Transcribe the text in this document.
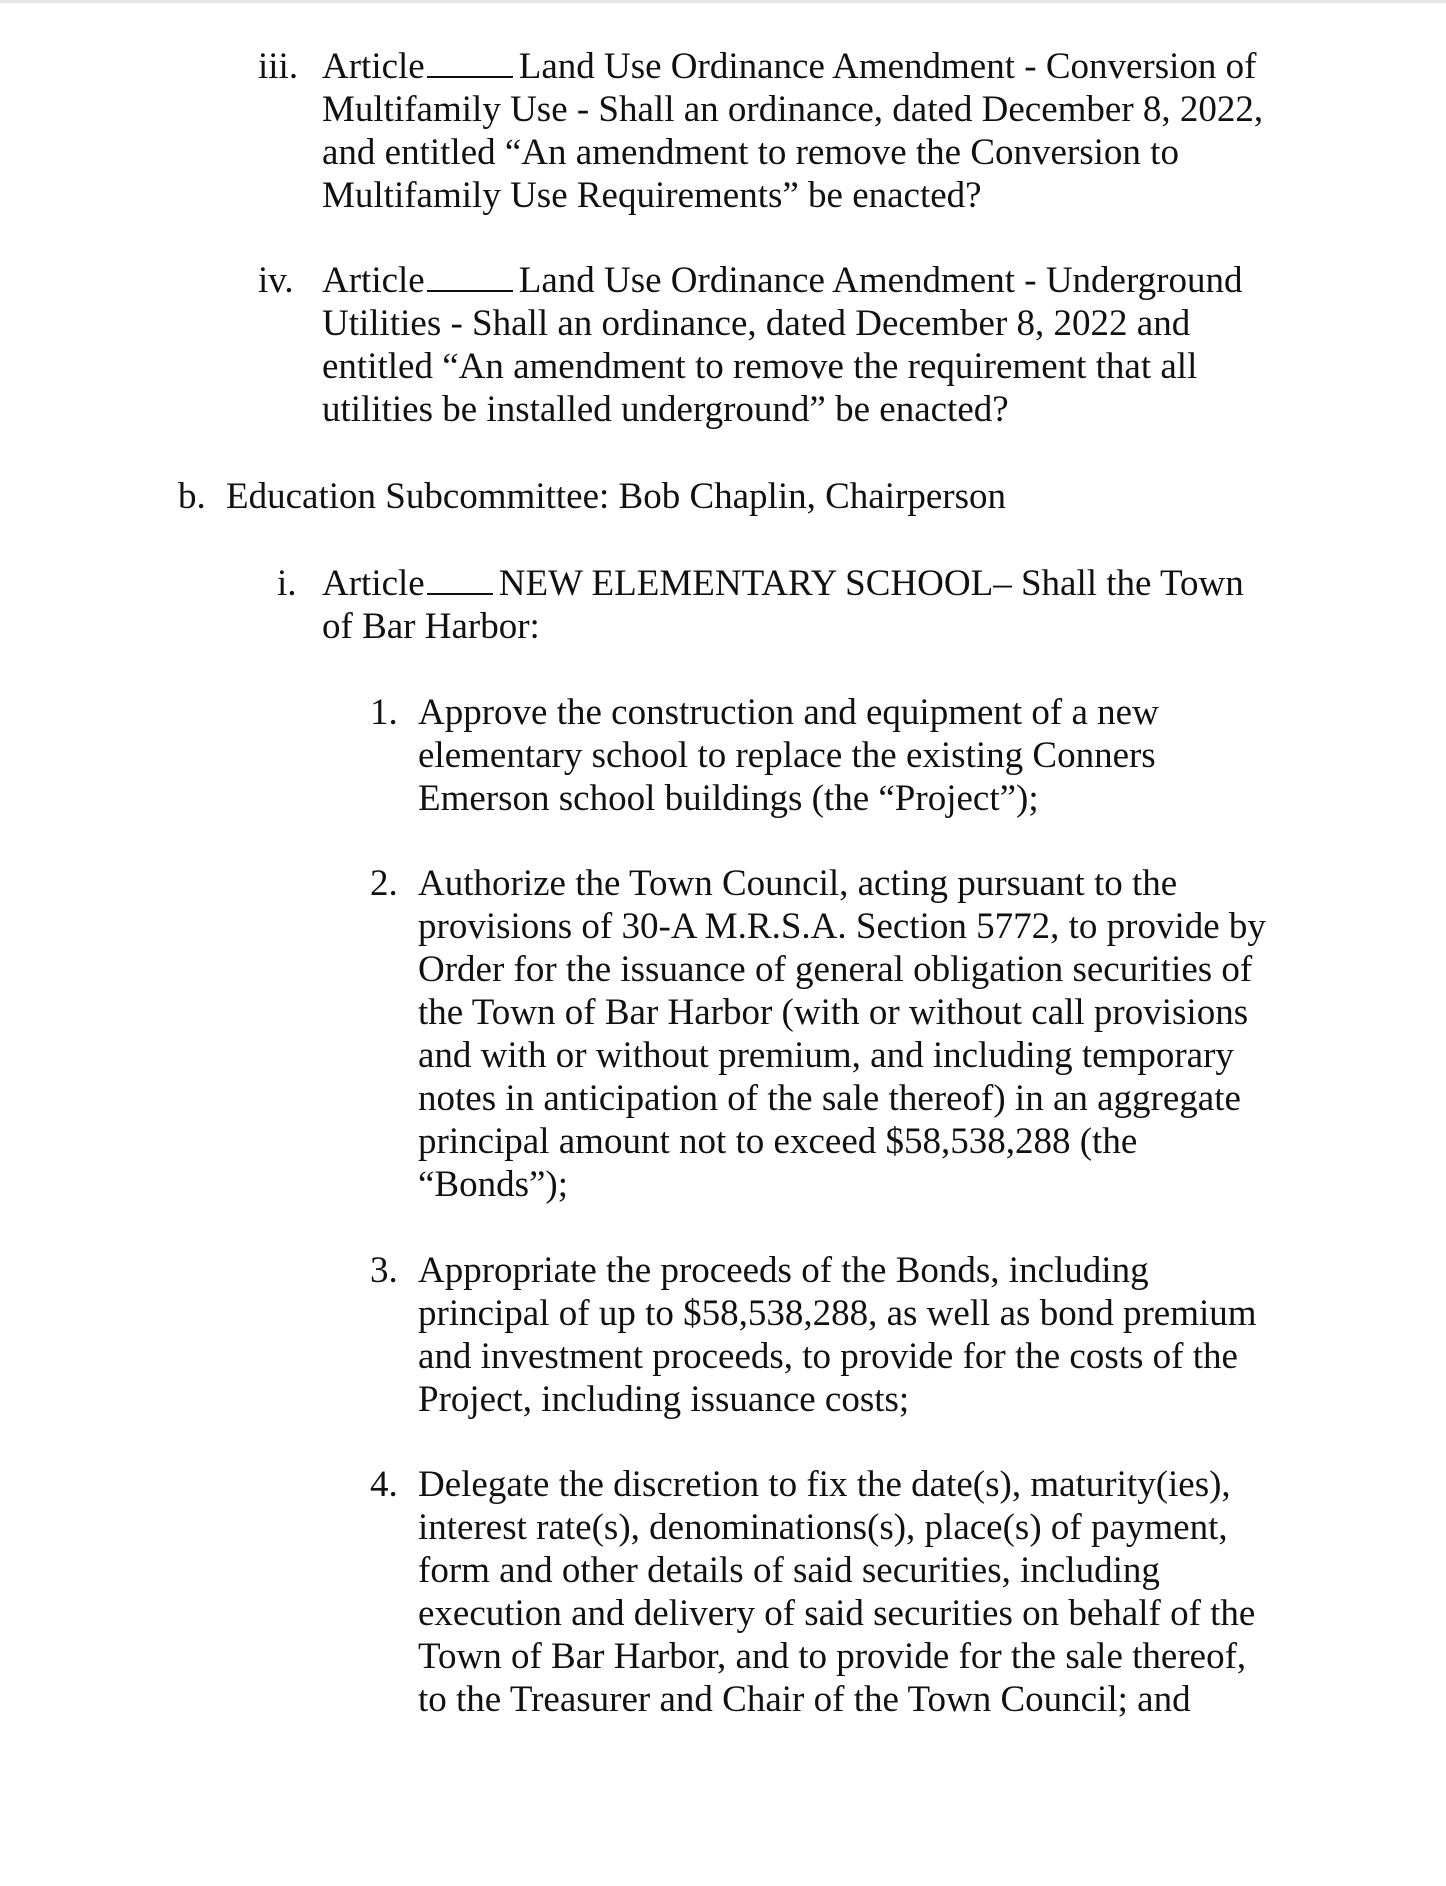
iii. Article	Land Use Ordinance Amendment - Conversion of
Multifamily Use - Shall an ordinance, dated December 8, 2022,
and entitled “An amendment to remove the Conversion to
Multifamily Use Requirements” be enacted?
iv. Article	Land Use Ordinance Amendment - Underground
Utilities - Shall an ordinance, dated December 8, 2022 and
entitled “An amendment to remove the requirement that all
utilities be installed underground” be enacted?
b. Education Subcommittee: Bob Chaplin, Chairperson
i. Article NEW ELEMENTARY SCHOOL– Shall the Town
of Bar Harbor:
1. Approve the construction and equipment of a new
elementary school to replace the existing Conners
Emerson school buildings (the “Project”);
2. Authorize the Town Council, acting pursuant to the
provisions of 30-A M.R.S.A. Section 5772, to provide by
Order for the issuance of general obligation securities of
the Town of Bar Harbor (with or without call provisions
and with or without premium, and including temporary
notes in anticipation of the sale thereof) in an aggregate
principal amount not to exceed $58,538,288 (the
“Bonds”);
3. Appropriate the proceeds of the Bonds, including
principal of up to $58,538,288, as well as bond premium
and investment proceeds, to provide for the costs of the
Project, including issuance costs;
4. Delegate the discretion to fix the date(s), maturity(ies),
interest rate(s), denominations(s), place(s) of payment,
form and other details of said securities, including
execution and delivery of said securities on behalf of the
Town of Bar Harbor, and to provide for the sale thereof,
to the Treasurer and Chair of the Town Council; and
